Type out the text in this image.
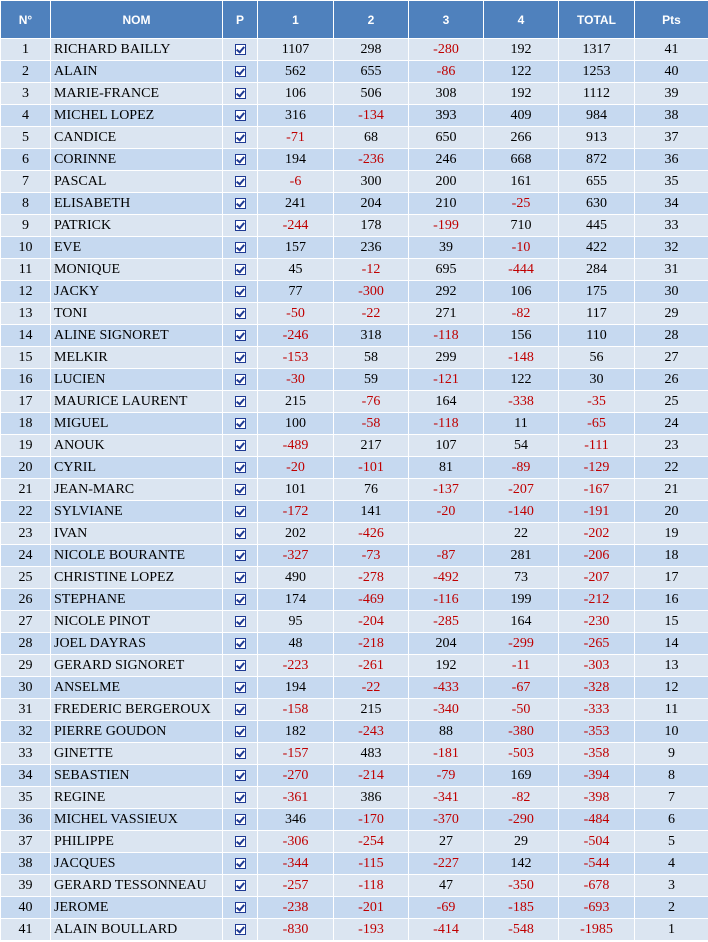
N°	NOM	P	1	2	3	4	TOTAL	Pts
1	RICHARD BAILLY		1107	298	-280	192	1317	41
2	ALAIN		562	655	-86	122	1253	40
3	MARIE-FRANCE		106	506	308	192	1112	39
4	MICHEL LOPEZ		316	-134	393	409	984	38
5	CANDICE		-71	68	650	266	913	37
6	CORINNE		194	-236	246	668	872	36
7	PASCAL		-6	300	200	161	655	35
8	ELISABETH		241	204	210	-25	630	34
9	PATRICK		-244	178	-199	710	445	33
10	EVE		157	236	39	-10	422	32
11	MONIQUE		45	-12	695	-444	284	31
12	JACKY		77	-300	292	106	175	30
13	TONI		-50	-22	271	-82	117	29
14	ALINE SIGNORET		-246	318	-118	156	110	28
15	MELKIR		-153	58	299	-148	56	27
16	LUCIEN		-30	59	-121	122	30	26
17	MAURICE LAURENT		215	-76	164	-338	-35	25
18	MIGUEL		100	-58	-118	11	-65	24
19	ANOUK		-489	217	107	54	-111	23
20	CYRIL		-20	-101	81	-89	-129	22
21	JEAN-MARC		101	76	-137	-207	-167	21
22	SYLVIANE		-172	141	-20	-140	-191	20
23	IVAN		202	-426		22	-202	19
24	NICOLE BOURANTE		-327	-73	-87	281	-206	18
25	CHRISTINE LOPEZ		490	-278	-492	73	-207	17
26	STEPHANE		174	-469	-116	199	-212	16
27	NICOLE PINOT		95	-204	-285	164	-230	15
28	JOEL DAYRAS		48	-218	204	-299	-265	14
29	GERARD SIGNORET		-223	-261	192	-11	-303	13
30	ANSELME		194	-22	-433	-67	-328	12
31	FREDERIC BERGEROUX		-158	215	-340	-50	-333	11
32	PIERRE GOUDON		182	-243	88	-380	-353	10
33	GINETTE		-157	483	-181	-503	-358	9
34	SEBASTIEN		-270	-214	-79	169	-394	8
35	REGINE		-361	386	-341	-82	-398	7
36	MICHEL VASSIEUX		346	-170	-370	-290	-484	6
37	PHILIPPE		-306	-254	27	29	-504	5
38	JACQUES		-344	-115	-227	142	-544	4
39	GERARD TESSONNEAU		-257	-118	47	-350	-678	3
40	JEROME		-238	-201	-69	-185	-693	2
41	ALAIN BOULLARD		-830	-193	-414	-548	-1985	1
